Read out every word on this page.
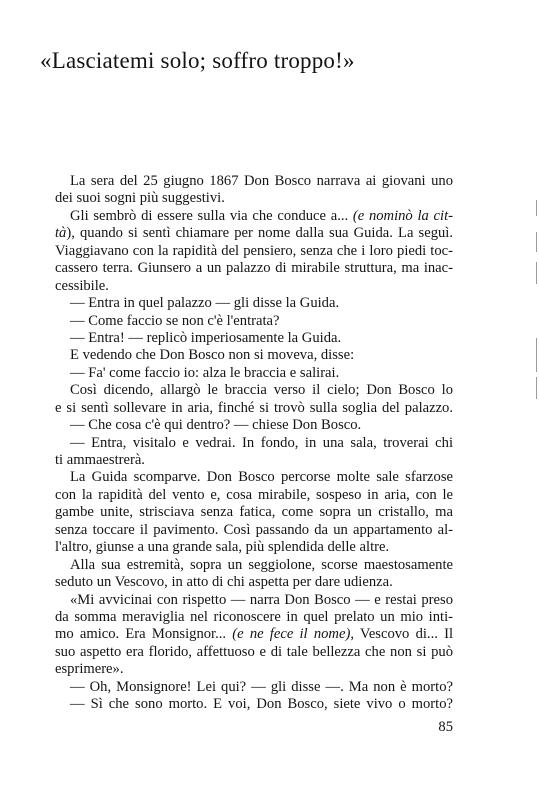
«Lasciatemi solo; soffro troppo!»
La sera del 25 giugno 1867 Don Bosco narrava ai giovani uno
dei suoi sogni più suggestivi.
Gli sembrò di essere sulla via che conduce a... (e nominò la cit-
tà), quando si sentì chiamare per nome dalla sua Guida. La seguì.
Viaggiavano con la rapidità del pensiero, senza che i loro piedi toc-
cassero terra. Giunsero a un palazzo di mirabile struttura, ma inac-
cessibile.
— Entra in quel palazzo — gli disse la Guida.
— Come faccio se non c'è l'entrata?
— Entra! — replicò imperiosamente la Guida.
E vedendo che Don Bosco non si moveva, disse:
— Fa' come faccio io: alza le braccia e salirai.
Così dicendo, allargò le braccia verso il cielo; Don Bosco lo
e si sentì sollevare in aria, finché si trovò sulla soglia del palazzo.
— Che cosa c'è qui dentro? — chiese Don Bosco.
— Entra, visitalo e vedrai. In fondo, in una sala, troverai chi
ti ammaestrerà.
La Guida scomparve. Don Bosco percorse molte sale sfarzose
con la rapidità del vento e, cosa mirabile, sospeso in aria, con le
gambe unite, strisciava senza fatica, come sopra un cristallo, ma
senza toccare il pavimento. Così passando da un appartamento al-
l'altro, giunse a una grande sala, più splendida delle altre.
Alla sua estremità, sopra un seggiolone, scorse maestosamente
seduto un Vescovo, in atto di chi aspetta per dare udienza.
«Mi avvicinai con rispetto — narra Don Bosco — e restai preso
da somma meraviglia nel riconoscere in quel prelato un mio inti-
mo amico. Era Monsignor... (e ne fece il nome), Vescovo di... Il
suo aspetto era florido, affettuoso e di tale bellezza che non si può
esprimere».
— Oh, Monsignore! Lei qui? — gli disse —. Ma non è morto?
— Sì che sono morto. E voi, Don Bosco, siete vivo o morto?
85
